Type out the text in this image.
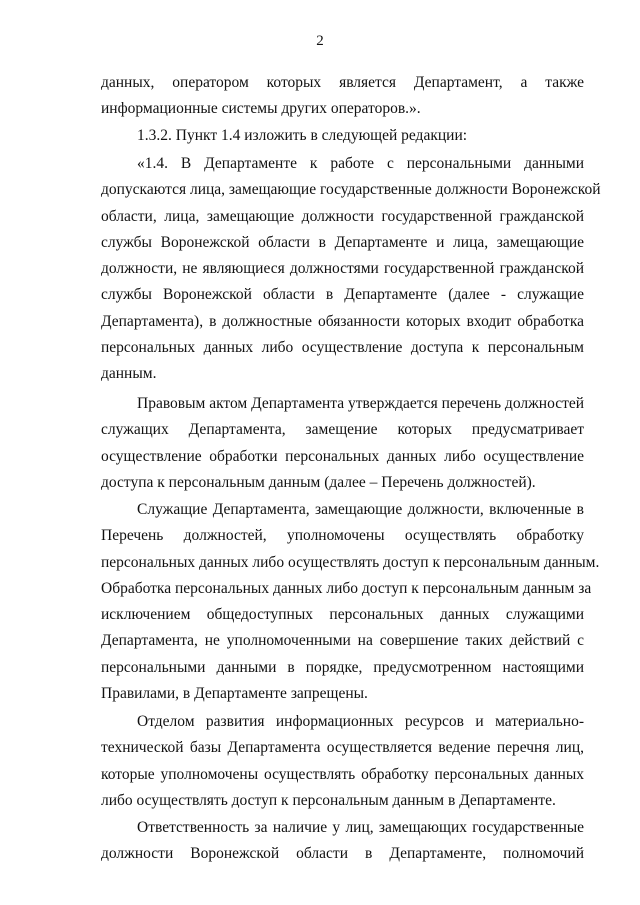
2
данных, оператором которых является Департамент, а также
информационные системы других операторов.».
1.3.2. Пункт 1.4 изложить в следующей редакции:
«1.4. В Департаменте к работе с персональными данными
допускаются лица, замещающие государственные должности Воронежской
области, лица, замещающие должности государственной гражданской
службы Воронежской области в Департаменте и лица, замещающие
должности, не являющиеся должностями государственной гражданской
службы Воронежской области в Департаменте (далее - служащие
Департамента), в должностные обязанности которых входит обработка
персональных данных либо осуществление доступа к персональным
данным.
Правовым актом Департамента утверждается перечень должностей
служащих Департамента, замещение которых предусматривает
осуществление обработки персональных данных либо осуществление
доступа к персональным данным (далее – Перечень должностей).
Служащие Департамента, замещающие должности, включенные в
Перечень должностей, уполномочены осуществлять обработку
персональных данных либо осуществлять доступ к персональным данным.
Обработка персональных данных либо доступ к персональным данным за
исключением общедоступных персональных данных служащими
Департамента, не уполномоченными на совершение таких действий с
персональными данными в порядке, предусмотренном настоящими
Правилами, в Департаменте запрещены.
Отделом развития информационных ресурсов и материально-
технической базы Департамента осуществляется ведение перечня лиц,
которые уполномочены осуществлять обработку персональных данных
либо осуществлять доступ к персональным данным в Департаменте.
Ответственность за наличие у лиц, замещающих государственные
должности Воронежской области в Департаменте, полномочий
